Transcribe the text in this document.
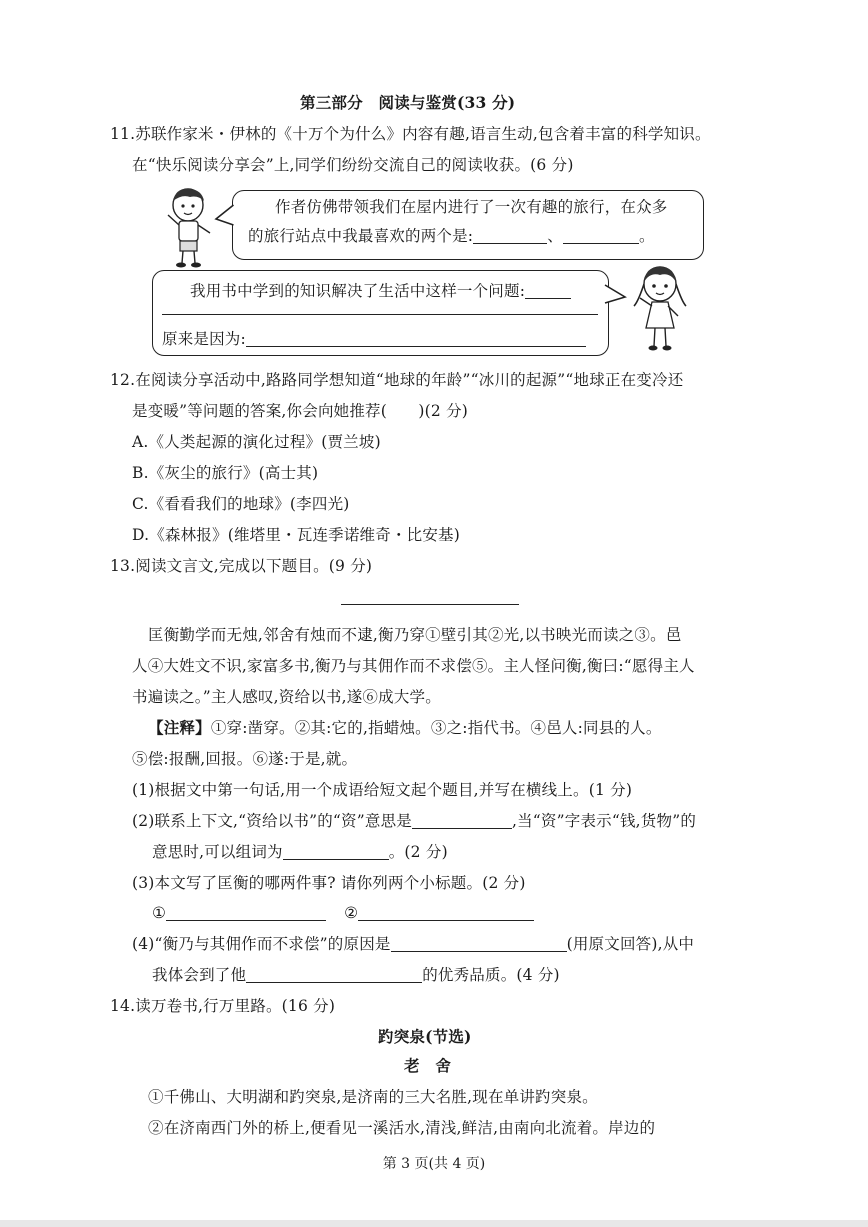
第三部分　阅读与鉴赏(33 分)
11.苏联作家米・伊林的《十万个为什么》内容有趣,语言生动,包含着丰富的科学知识。
在“快乐阅读分享会”上,同学们纷纷交流自己的阅读收获。(6 分)
作者仿佛带领我们在屋内进行了一次有趣的旅行，在众多
的旅行站点中我最喜欢的两个是:	、	。
我用书中学到的知识解决了生活中这样一个问题:
原来是因为:
12.在阅读分享活动中,路路同学想知道“地球的年龄”“冰川的起源”“地球正在变冷还
是变暖”等问题的答案,你会向她推荐(　　)(2 分)
A.《人类起源的演化过程》(贾兰坡)
B.《灰尘的旅行》(高士其)
C.《看看我们的地球》(李四光)
D.《森林报》(维塔里・瓦连季诺维奇・比安基)
13.阅读文言文,完成以下题目。(9 分)
匡衡勤学而无烛,邻舍有烛而不逮,衡乃穿①壁引其②光,以书映光而读之③。邑
人④大姓文不识,家富多书,衡乃与其佣作而不求偿⑤。主人怪问衡,衡曰:“愿得主人
书遍读之。”主人感叹,资给以书,遂⑥成大学。
【注释】①穿:凿穿。②其:它的,指蜡烛。③之:指代书。④邑人:同县的人。
⑤偿:报酬,回报。⑥遂:于是,就。
(1)根据文中第一句话,用一个成语给短文起个题目,并写在横线上。(1 分)
(2)联系上下文,“资给以书”的“资”意思是	,当“资”字表示“钱,货物”的
意思时,可以组词为	。(2 分)
(3)本文写了匡衡的哪两件事? 请你列两个小标题。(2 分)
①	②
(4)“衡乃与其佣作而不求偿”的原因是	(用原文回答),从中
我体会到了他	的优秀品质。(4 分)
14.读万卷书,行万里路。(16 分)
趵突泉(节选)
老　舍
①千佛山、大明湖和趵突泉,是济南的三大名胜,现在单讲趵突泉。
②在济南西门外的桥上,便看见一溪活水,清浅,鲜洁,由南向北流着。岸边的
第 3 页(共 4 页)
